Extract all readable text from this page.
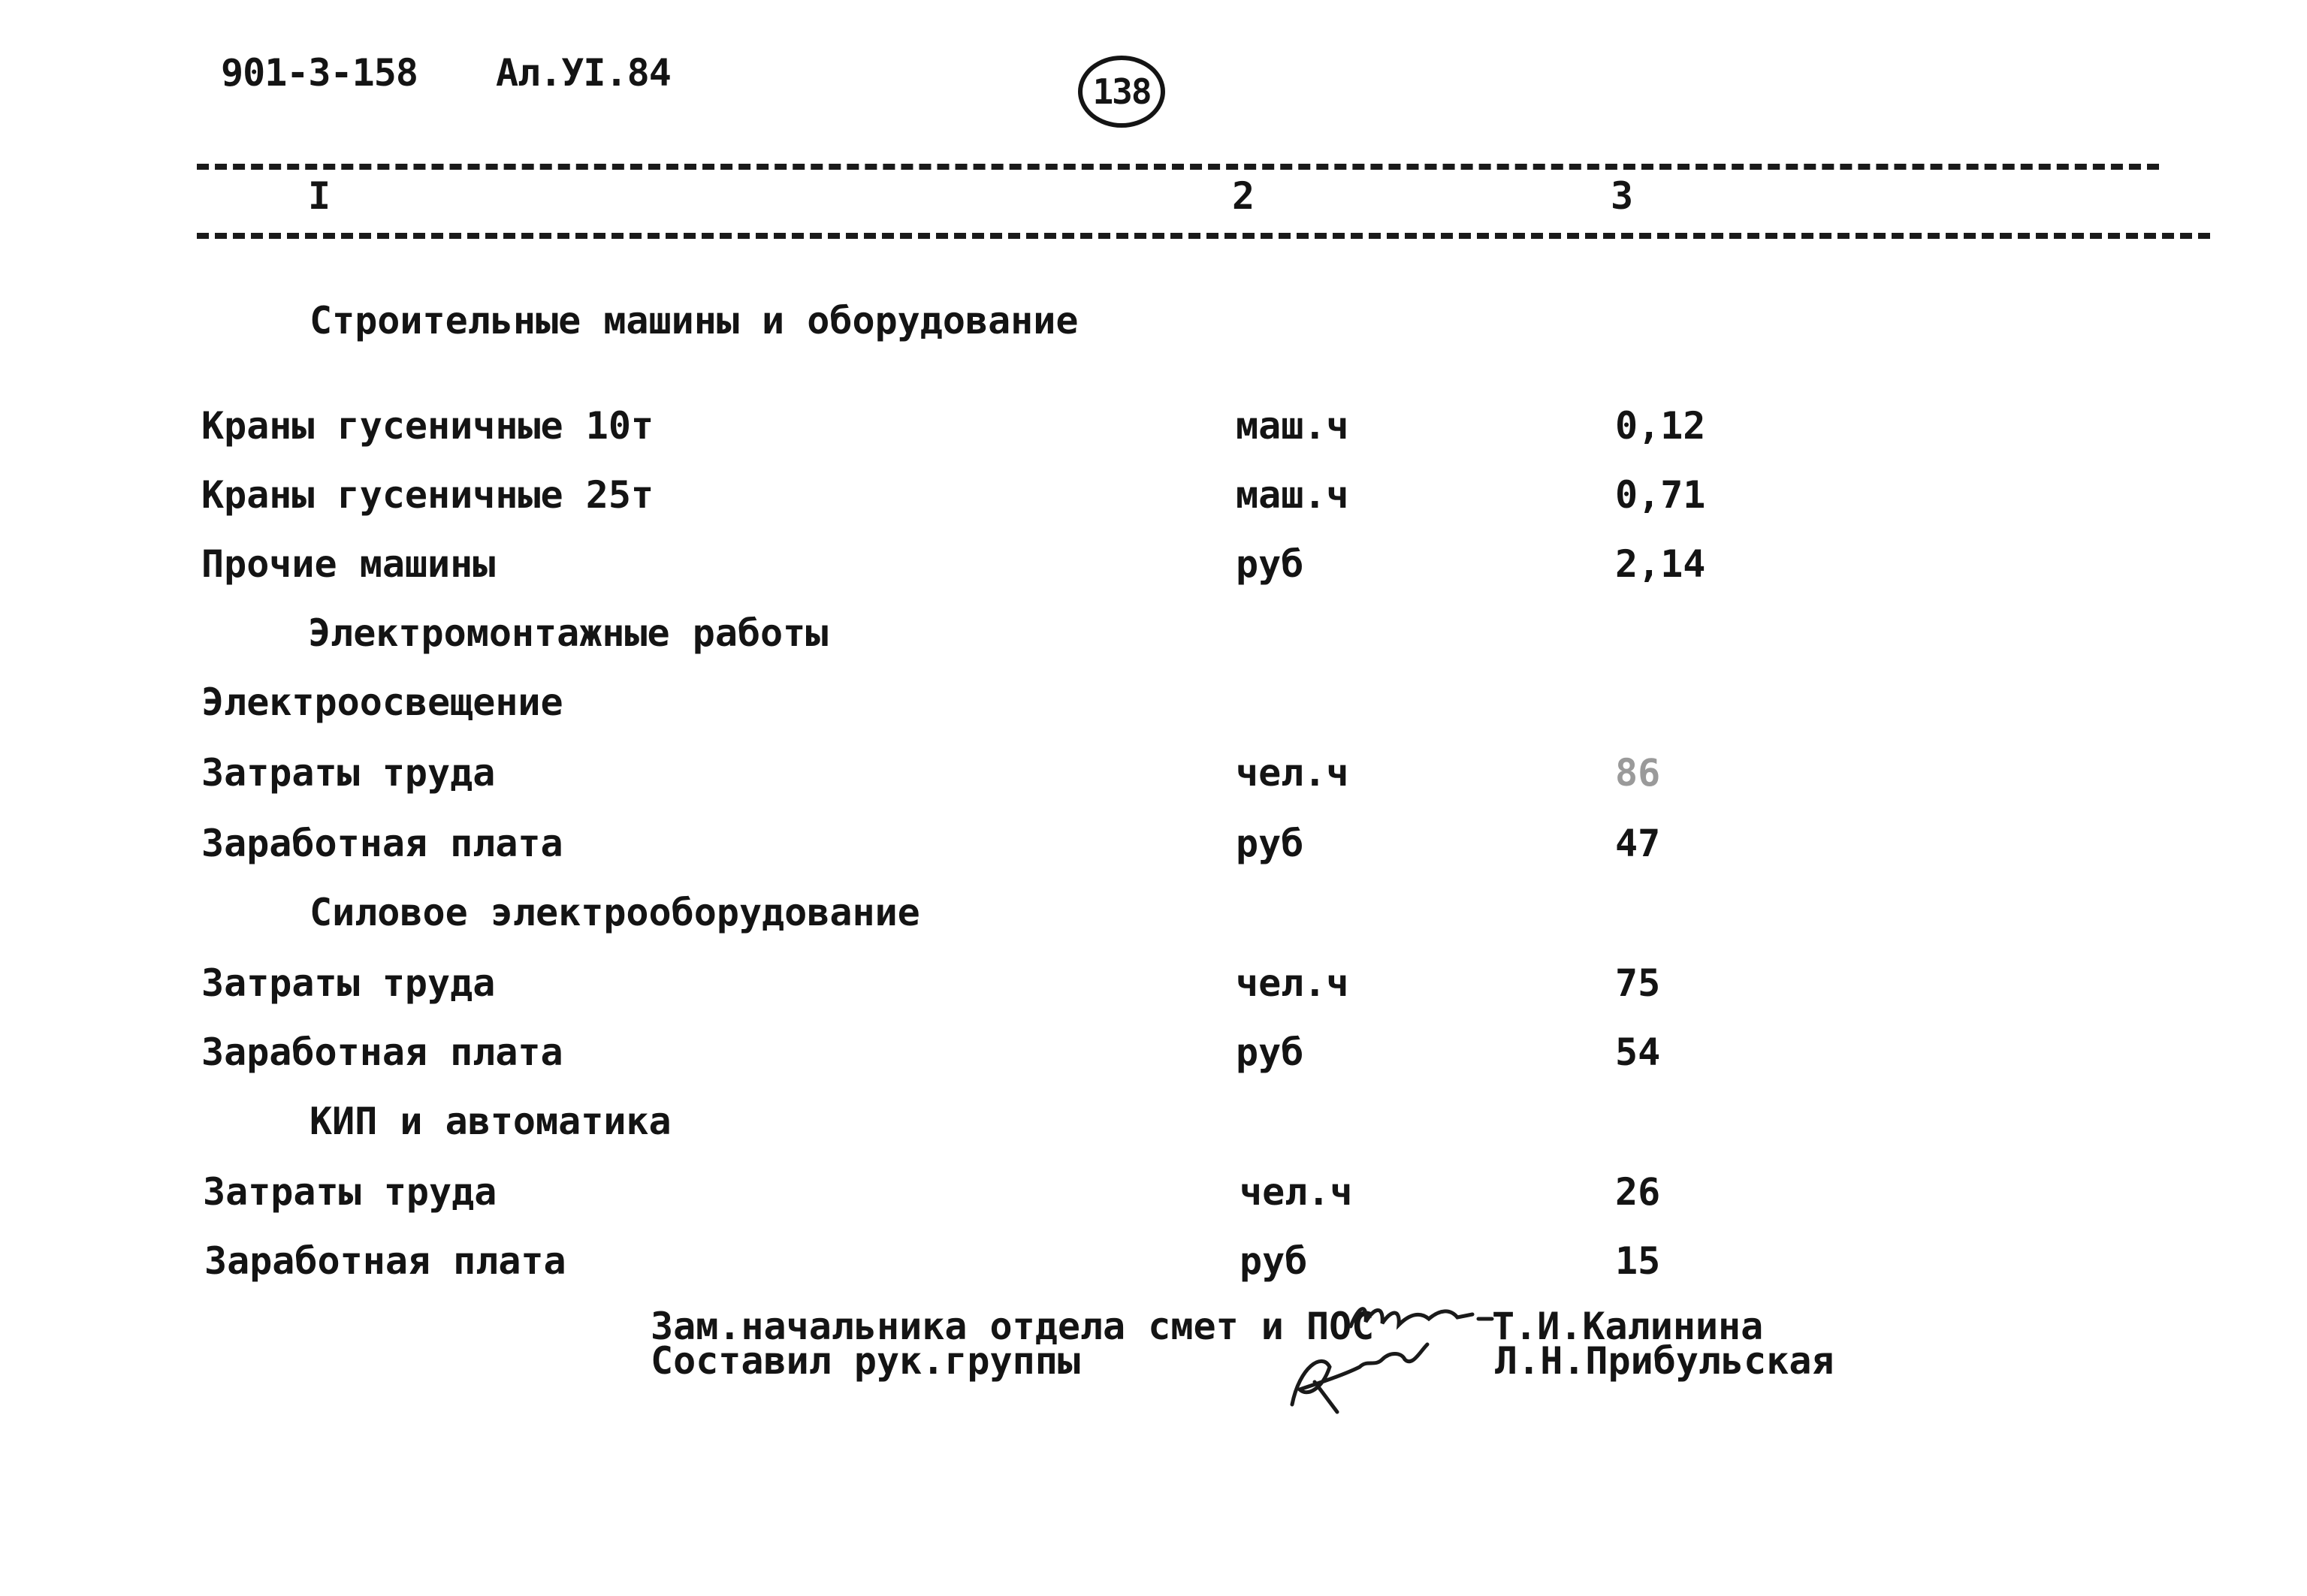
901-3-158 Ал.УI.84	138
I	2	3
Строительные машины и оборудование
Краны гусеничные 10т	маш.ч	0,12
Краны гусеничные 25т	маш.ч	0,71
Прочие машины	руб	2,14
Электромонтажные работы
Электроосвещение
Затраты труда	чел.ч	86
Заработная плата	руб	47
Силовое электрооборудование
Затраты труда	чел.ч	75
Заработная плата	руб	54
КИП и автоматика
Затраты труда	чел.ч	26
Заработная плата	руб	15
Зам.начальника отдела смет и ПОС	Т.И.Калинина
Составил рук.группы	Л.Н.Прибульская
